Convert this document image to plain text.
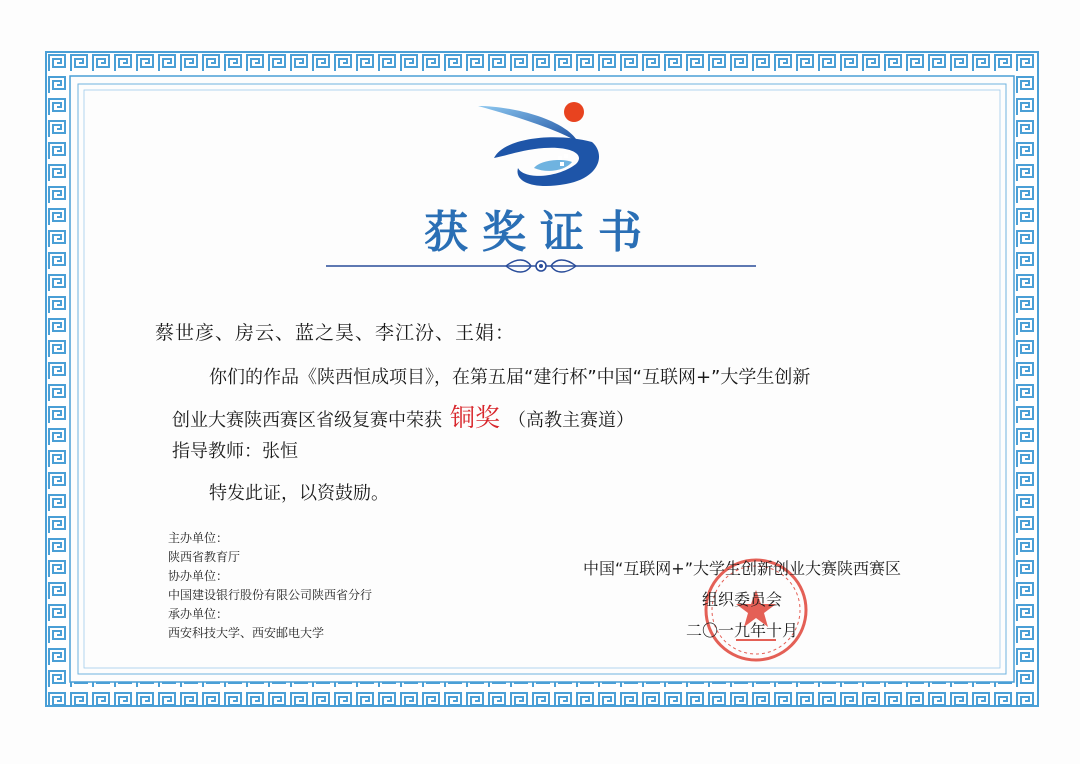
获奖证书
蔡世彦、房云、蓝之昊、李江汾、王娟：
你们的作品《陕西恒成项目》，在第五届“建行杯”中国“互联网+”大学生创新
创业大赛陕西赛区省级复赛中荣获 铜奖 （高教主赛道）
指导教师：张恒
特发此证，以资鼓励。
主办单位：
陕西省教育厅
协办单位：
中国建设银行股份有限公司陕西省分行
承办单位：
西安科技大学、西安邮电大学
中国“互联网+”大学生创新创业大赛陕西赛区
组织委员会
二〇一九年十月
